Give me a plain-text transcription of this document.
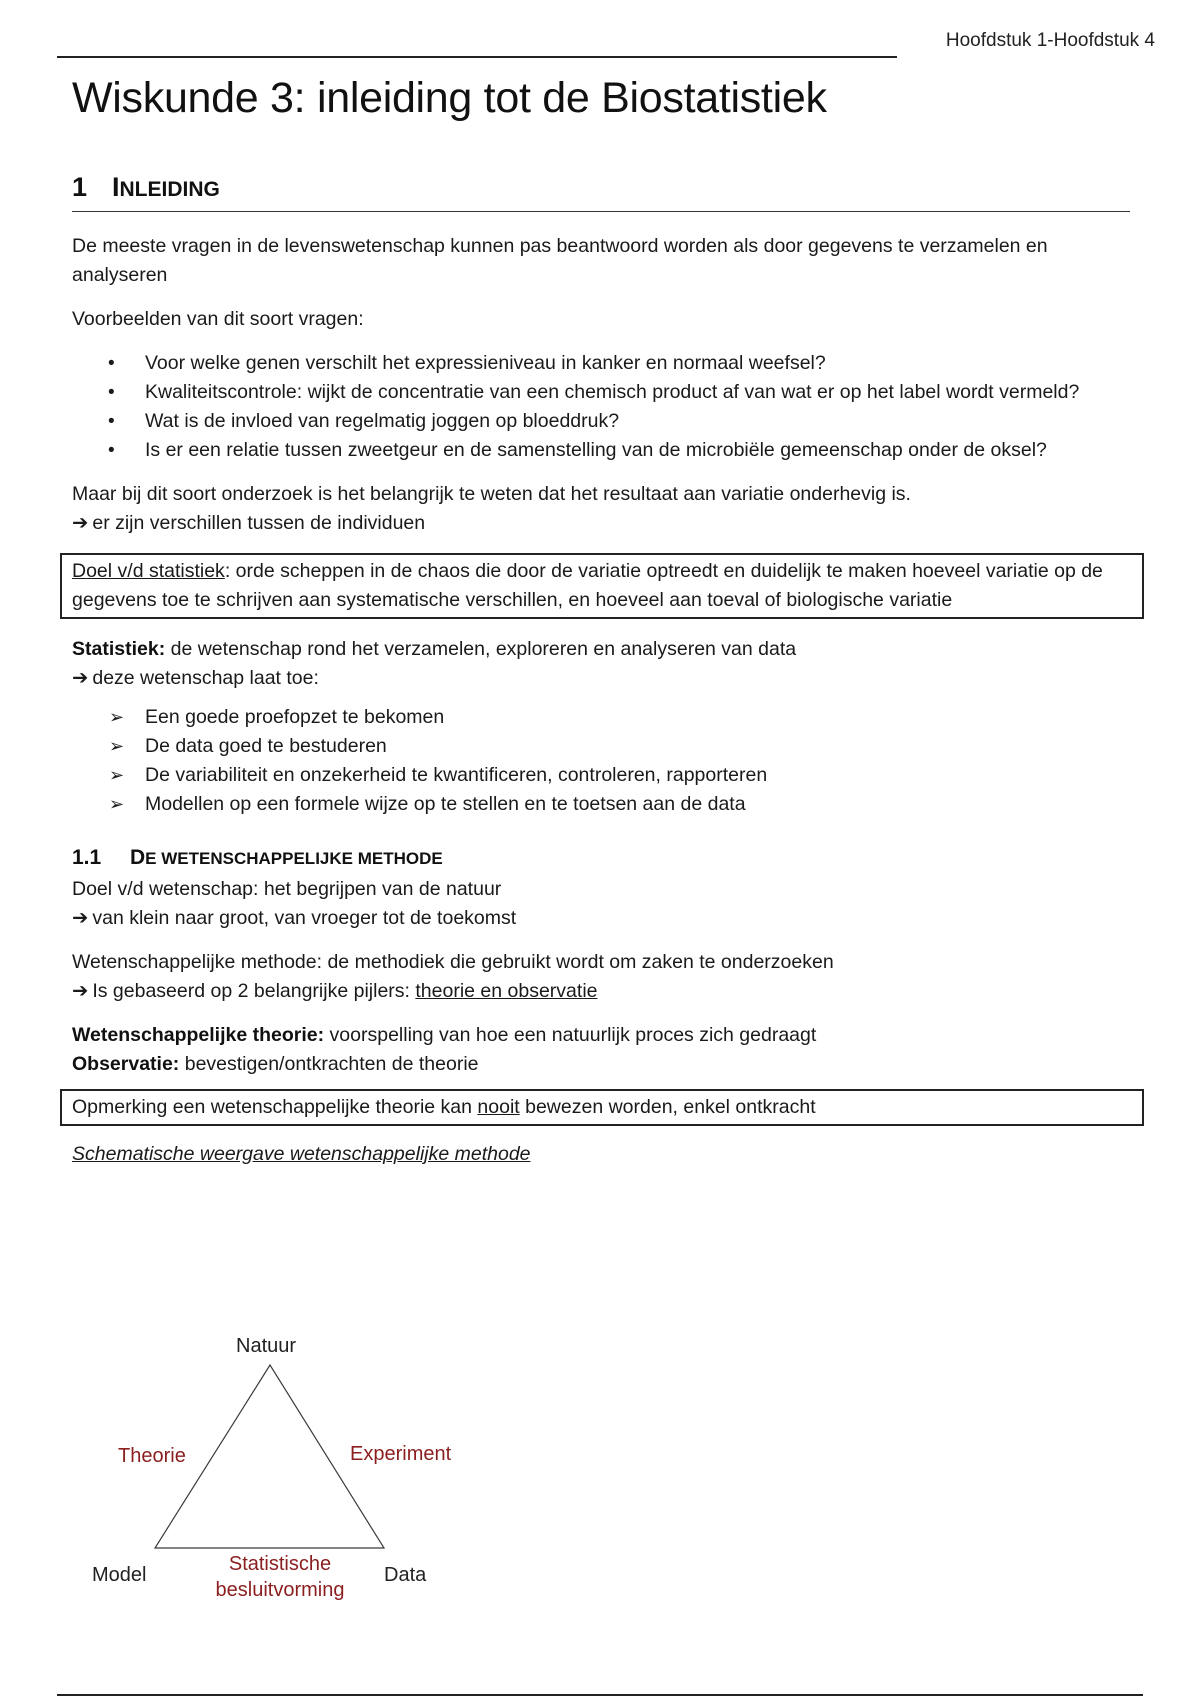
Hoofdstuk 1-Hoofdstuk 4
Wiskunde 3: inleiding tot de Biostatistiek
1 INLEIDING

De meeste vragen in de levenswetenschap kunnen pas beantwoord worden als door gegevens te verzamelen en analyseren

Voorbeelden van dit soort vragen:

• Voor welke genen verschilt het expressieniveau in kanker en normaal weefsel?
• Kwaliteitscontrole: wijkt de concentratie van een chemisch product af van wat er op het label wordt vermeld?
• Wat is de invloed van regelmatig joggen op bloeddruk?
• Is er een relatie tussen zweetgeur en de samenstelling van de microbiële gemeenschap onder de oksel?

Maar bij dit soort onderzoek is het belangrijk te weten dat het resultaat aan variatie onderhevig is.
➔ er zijn verschillen tussen de individuen

Doel v/d statistiek: orde scheppen in de chaos die door de variatie optreedt en duidelijk te maken hoeveel variatie op de gegevens toe te schrijven aan systematische verschillen, en hoeveel aan toeval of biologische variatie

Statistiek: de wetenschap rond het verzamelen, exploreren en analyseren van data
➔ deze wetenschap laat toe:

➢ Een goede proefopzet te bekomen
➢ De data goed te bestuderen
➢ De variabiliteit en onzekerheid te kwantificeren, controleren, rapporteren
➢ Modellen op een formele wijze op te stellen en te toetsen aan de data
1.1 DE WETENSCHAPPELIJKE METHODE

Doel v/d wetenschap: het begrijpen van de natuur
➔ van klein naar groot, van vroeger tot de toekomst

Wetenschappelijke methode: de methodiek die gebruikt wordt om zaken te onderzoeken
➔ Is gebaseerd op 2 belangrijke pijlers: theorie en observatie

Wetenschappelijke theorie: voorspelling van hoe een natuurlijk proces zich gedraagt
Observatie: bevestigen/ontkrachten de theorie

Opmerking een wetenschappelijke theorie kan nooit bewezen worden, enkel ontkracht

Schematische weergave wetenschappelijke methode

Natuur
Theorie	Experiment
Model	Data
Statistische
besluitvorming
